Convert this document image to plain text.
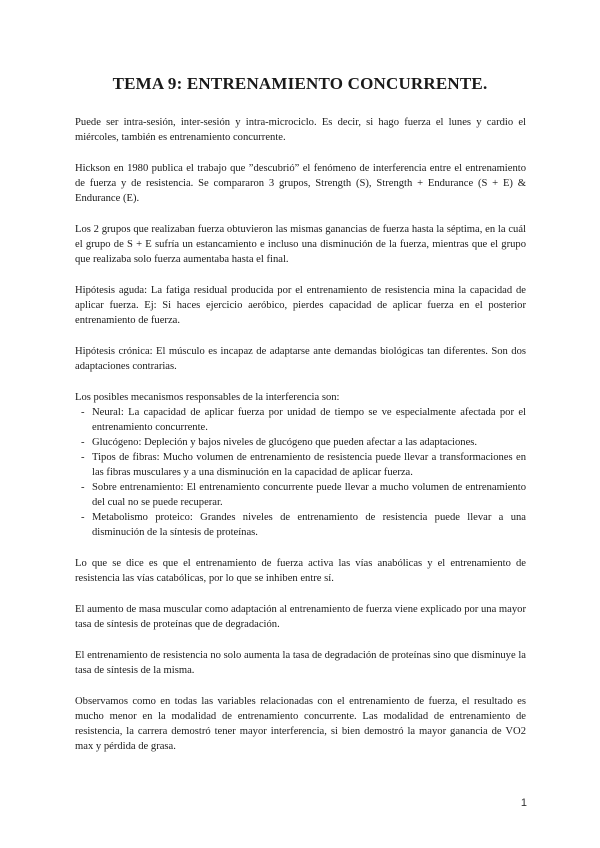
TEMA 9: ENTRENAMIENTO CONCURRENTE.

Puede ser intra-sesión, inter-sesión y intra-microciclo. Es decir, si hago fuerza el lunes y cardio el miércoles, también es entrenamiento concurrente.

Hickson en 1980 publica el trabajo que ”descubrió” el fenómeno de interferencia entre el entrenamiento de fuerza y de resistencia. Se compararon 3 grupos, Strength (S), Strength + Endurance (S + E) & Endurance (E).

Los 2 grupos que realizaban fuerza obtuvieron las mismas ganancias de fuerza hasta la séptima, en la cuál el grupo de S + E sufría un estancamiento e incluso una disminución de la fuerza, mientras que el grupo que realizaba solo fuerza aumentaba hasta el final.

Hipótesis aguda: La fatiga residual producida por el entrenamiento de resistencia mina la capacidad de aplicar fuerza. Ej: Si haces ejercicio aeróbico, pierdes capacidad de aplicar fuerza en el posterior entrenamiento de fuerza.

Hipótesis crónica: El músculo es incapaz de adaptarse ante demandas biológicas tan diferentes. Son dos adaptaciones contrarias.

Los posibles mecanismos responsables de la interferencia son:

- Neural: La capacidad de aplicar fuerza por unidad de tiempo se ve especialmente afectada por el entrenamiento concurrente.
- Glucógeno: Depleción y bajos niveles de glucógeno que pueden afectar a las adaptaciones.
- Tipos de fibras: Mucho volumen de entrenamiento de resistencia puede llevar a transformaciones en las fibras musculares y a una disminución en la capacidad de aplicar fuerza.
- Sobre entrenamiento: El entrenamiento concurrente puede llevar a mucho volumen de entrenamiento del cual no se puede recuperar.
- Metabolismo proteico: Grandes niveles de entrenamiento de resistencia puede llevar a una disminución de la síntesis de proteínas.

Lo que se dice es que el entrenamiento de fuerza activa las vías anabólicas y el entrenamiento de resistencia las vías catabólicas, por lo que se inhiben entre sí.

El aumento de masa muscular como adaptación al entrenamiento de fuerza viene explicado por una mayor tasa de síntesis de proteínas que de degradación.

El entrenamiento de resistencia no solo aumenta la tasa de degradación de proteínas sino que disminuye la tasa de síntesis de la misma.

Observamos como en todas las variables relacionadas con el entrenamiento de fuerza, el resultado es mucho menor en la modalidad de entrenamiento concurrente. Las modalidad de entrenamiento de resistencia, la carrera demostró tener mayor interferencia, si bien demostró la mayor ganancia de VO2 max y pérdida de grasa.

1
